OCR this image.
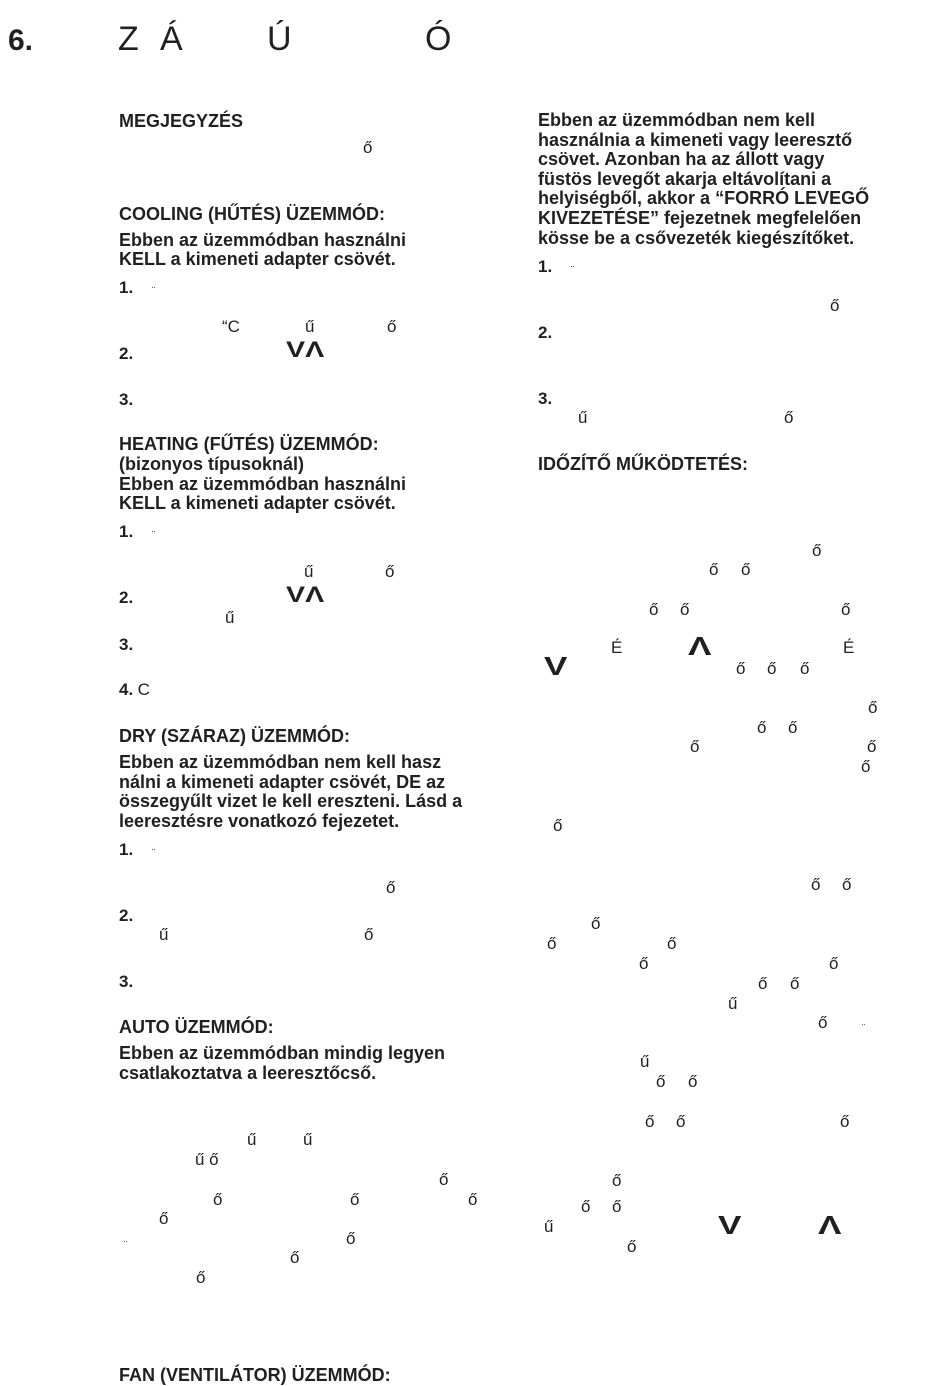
6. Z Á Ú	Ó
MEGJEGYZÉS
ő
COOLING (HŰTÉS) ÜZEMMÓD:
Ebben az üzemmódban használni
KELL a kimeneti adapter csövét.
1. ¨
“C	ű	ő
2.	VΛ
3.
HEATING (FŰTÉS) ÜZEMMÓD:
(bizonyos típusoknál)
Ebben az üzemmódban használni
KELL a kimeneti adapter csövét.
1. ¨
ű	ő
2.	VΛ
ű
3.
4. C
DRY (SZÁRAZ) ÜZEMMÓD:
Ebben az üzemmódban nem kell hasz
nálni a kimeneti adapter csövét, DE az
összegyűlt vizet le kell ereszteni. Lásd a
leeresztésre vonatkozó fejezetet.
1. ¨
ő
2.
ű	ő
3.
AUTO ÜZEMMÓD:
Ebben az üzemmódban mindig legyen
csatlakoztatva a leeresztőcső.
ű	ű
ű ő
ő
ő	ő	ő
ő
ő
¨
ő
ő
FAN (VENTILÁTOR) ÜZEMMÓD:
Ebben az üzemmódban nem kell
használnia a kimeneti vagy leeresztő
csövet. Azonban ha az állott vagy
füstös levegőt akarja eltávolítani a
helyiségből, akkor a “FORRÓ LEVEGŐ
KIVEZETÉSE” fejezetnek megfelelően
kösse be a csővezeték kiegészítőket.
1. ¨
ő
2.
3.
ű	ő
IDŐZÍTŐ MŰKÖDTETÉS:
ő
ő ő
ő ő	ő
É	Λ	É
V	ő ő ő
ő
ő ő
ő	ő
ő
ő
ő ő
ő
ő	ő
ő	ő
ő ő
ű
ő	¨
ű
ő ő
ő ő	ő
ő
ő ő
V	Λ
ű
ő
